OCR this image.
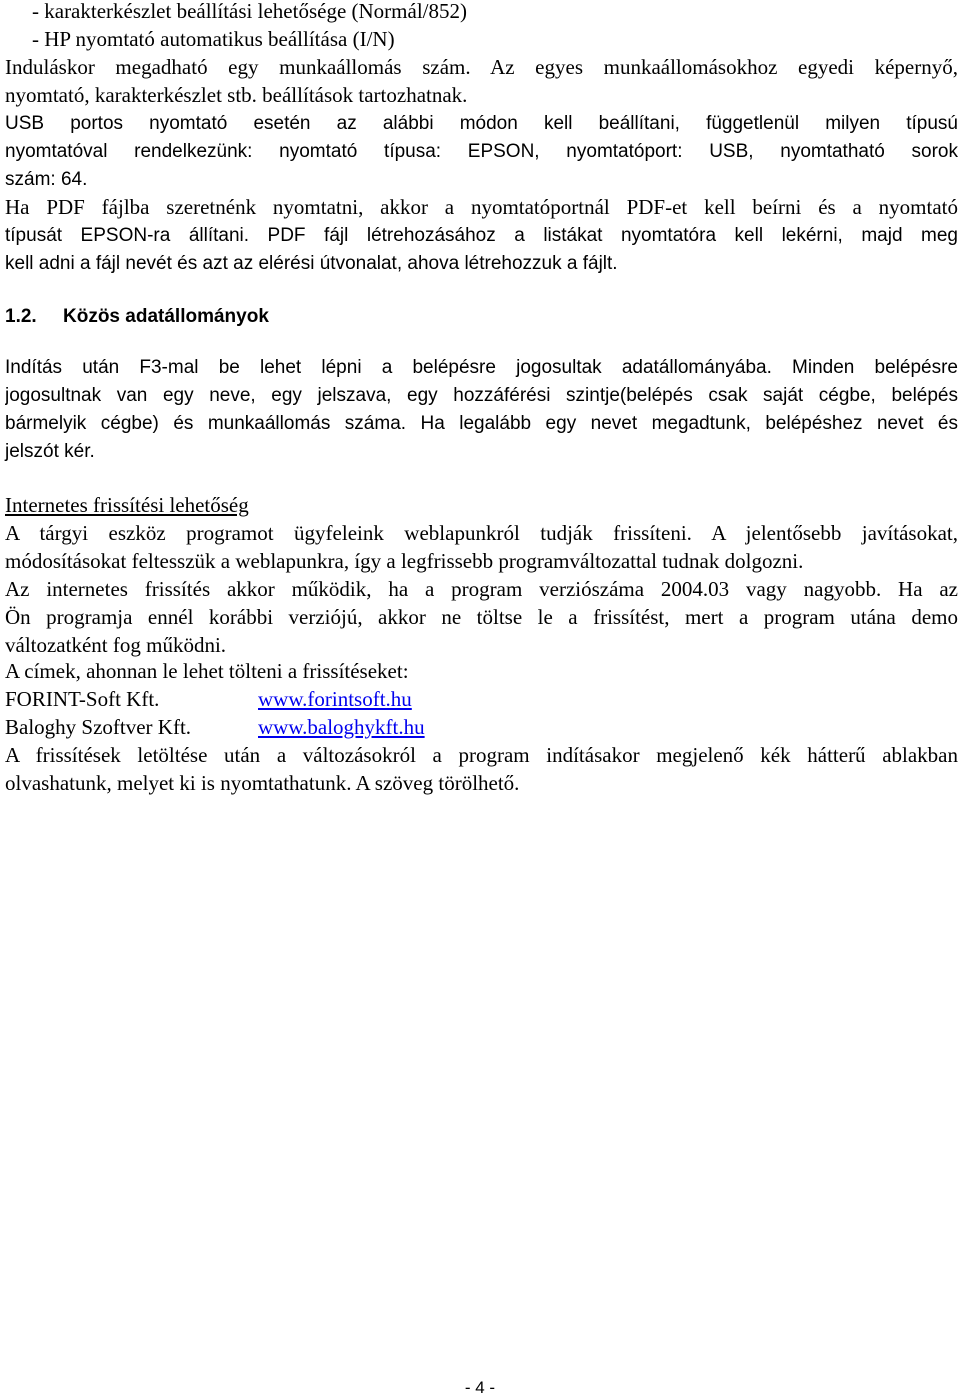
- karakterkészlet beállítási lehetősége (Normál/852)
- HP nyomtató automatikus beállítása (I/N)
Induláskor megadható egy munkaállomás szám. Az egyes munkaállomásokhoz egyedi képernyő,
nyomtató, karakterkészlet stb. beállítások tartozhatnak.
USB portos nyomtató esetén az alábbi módon kell beállítani, függetlenül milyen típusú
nyomtatóval rendelkezünk: nyomtató típusa: EPSON, nyomtatóport: USB, nyomtatható sorok
szám: 64.
Ha PDF fájlba szeretnénk nyomtatni, akkor a nyomtatóportnál PDF-et kell beírni és a nyomtató
típusát EPSON-ra állítani. PDF fájl létrehozásához a listákat nyomtatóra kell lekérni, majd meg
kell adni a fájl nevét és azt az elérési útvonalat, ahova létrehozzuk a fájlt.
1.2. Közös adatállományok
Indítás után F3-mal be lehet lépni a belépésre jogosultak adatállományába. Minden belépésre
jogosultnak van egy neve, egy jelszava, egy hozzáférési szintje(belépés csak saját cégbe, belépés
bármelyik cégbe) és munkaállomás száma. Ha legalább egy nevet megadtunk, belépéshez nevet és
jelszót kér.
Internetes frissítési lehetőség
A tárgyi eszköz programot ügyfeleink weblapunkról tudják frissíteni. A jelentősebb javításokat,
módosításokat feltesszük a weblapunkra, így a legfrissebb programváltozattal tudnak dolgozni.
Az internetes frissítés akkor működik, ha a program verziószáma 2004.03 vagy nagyobb. Ha az
Ön programja ennél korábbi verziójú, akkor ne töltse le a frissítést, mert a program utána demo
változatként fog működni.
A címek, ahonnan le lehet tölteni a frissítéseket:
FORINT-Soft Kft.	www.forintsoft.hu
Baloghy Szoftver Kft.	www.baloghykft.hu
A frissítések letöltése után a változásokról a program indításakor megjelenő kék hátterű ablakban
olvashatunk, melyet ki is nyomtathatunk. A szöveg törölhető.
- 4 -
